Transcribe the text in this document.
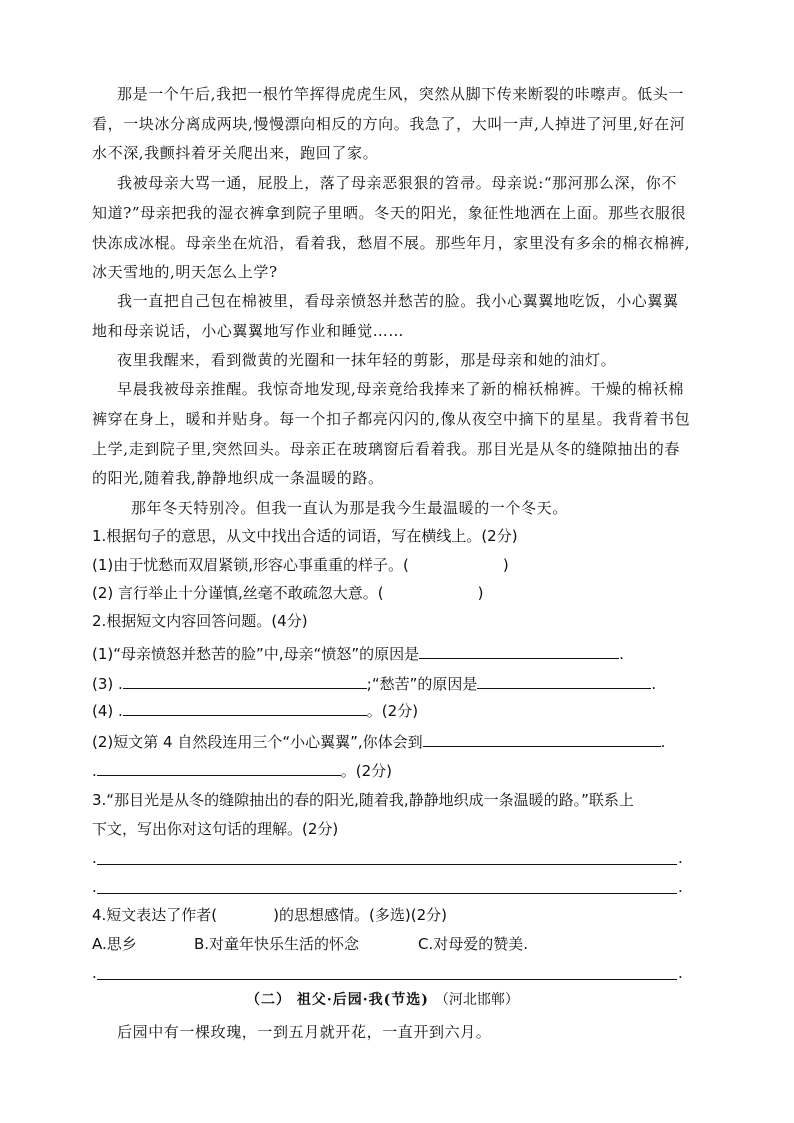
那是一个午后,我把一根竹竿挥得虎虎生风，突然从脚下传来断裂的咔嚓声。低头一
看，一块冰分离成两块,慢慢漂向相反的方向。我急了，大叫一声,人掉进了河里,好在河
水不深,我颤抖着牙关爬出来，跑回了家。
我被母亲大骂一通，屁股上，落了母亲恶狠狠的笤帚。母亲说:“那河那么深，你不
知道?”母亲把我的湿衣裤拿到院子里晒。冬天的阳光，象征性地洒在上面。那些衣服很
快冻成冰棍。母亲坐在炕沿，看着我，愁眉不展。那些年月，家里没有多余的棉衣棉裤,
冰天雪地的,明天怎么上学?
我一直把自己包在棉被里，看母亲愤怒并愁苦的脸。我小心翼翼地吃饭，小心翼翼
地和母亲说话，小心翼翼地写作业和睡觉……
夜里我醒来，看到微黄的光圈和一抹年轻的剪影，那是母亲和她的油灯。
早晨我被母亲推醒。我惊奇地发现,母亲竟给我捧来了新的棉袄棉裤。干燥的棉袄棉
裤穿在身上，暖和并贴身。每一个扣子都亮闪闪的,像从夜空中摘下的星星。我背着书包
上学,走到院子里,突然回头。母亲正在玻璃窗后看着我。那目光是从冬的缝隙抽出的春
的阳光,随着我,静静地织成一条温暖的路。
那年冬天特别冷。但我一直认为那是我今生最温暖的一个冬天。
1.根据句子的意思，从文中找出合适的词语，写在横线上。(2分)
(1)由于忧愁而双眉紧锁,形容心事重重的样子。(	)
(2) 言行举止十分谨慎,丝毫不敢疏忽大意。(	)
2.根据短文内容回答问题。(4分)
(1)“母亲愤怒并愁苦的脸”中,母亲“愤怒”的原因是	.
(3) .	;“愁苦”的原因是	.
(4) .	。(2分)
(2)短文第 4 自然段连用三个“小心翼翼”,你体会到	.
.	。(2分)
3.“那目光是从冬的缝隙抽出的春的阳光,随着我,静静地织成一条温暖的路。”联系上
下文，写出你对这句话的理解。(2分)
.	.
.	.
4.短文表达了作者(	)的思想感情。(多选)(2分)
A.思乡	B.对童年快乐生活的怀念	C.对母爱的赞美.
.	.
（二） 祖父·后园·我(节选) （河北邯郸）
后园中有一棵玫瑰，一到五月就开花，一直开到六月。
